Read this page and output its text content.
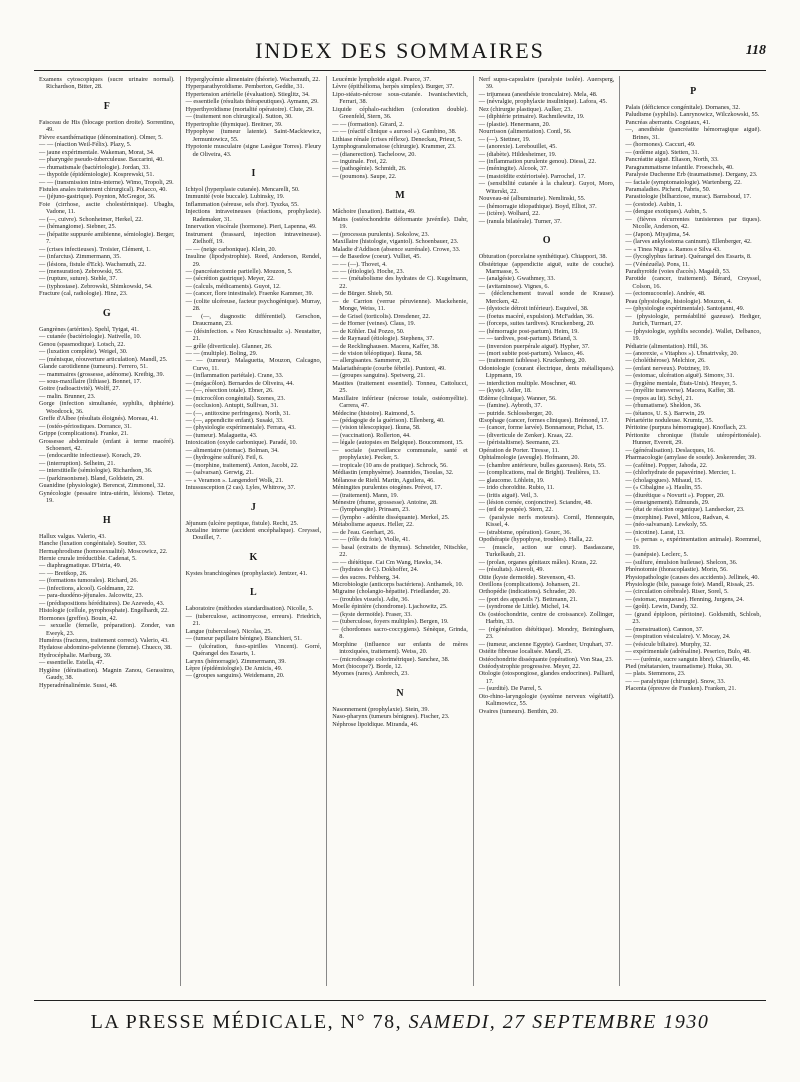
INDEX DES SOMMAIRES	118
Examens cytoscopiques (sucre urinaire normal). Richardson, Bitter, 28.
F
Faisceau de His (blocage portion droite). Sorrentino, 49.
Fièvre exanthématique (dénomination). Olmer, 5.
— — (réaction Weil-Félix). Plazy, 5.
— jaune expérimentale. Wakeman, Morat, 34.
— pharyngée pseudo-tuberculeuse. Baccarini, 40.
— rhumatismale (bactériologie). Jordan, 33.
— thypoïde (épidémiologie). Kosprewski, 51.
— — (transmission intra-interne). Wimo, Tropoli, 29.
Fistules anales traitement chirurgical). Polacco, 40.
— (jéjuno-gastrique). Poynton, McGregor, 36.
Foie (cirrhose, ascite cholestérinique). Ubaghs, Vadone, 11.
— (—, cuivre). Schonheimer, Herkel, 22.
— (hémangiome). Siebner, 25.
— (hépatite suppurée amibienne, sémiologie). Berger, 7.
— (crises infectieuses). Troisier, Clément, 1.
— (infarctus). Zimmermann, 35.
— (lésions, fistule d'Eck). Wachsmuth, 22.
— (mensuration). Zebrowski, 55.
— (rupture, suture). Stehle, 37.
— (typhostase). Zebrowski, Shimkowski, 54.
Fracture (cal, radiologie). Hinz, 23.
G
Gangrènes (artérites). Spehl, Tytgat, 41.
— cutanée (bactériologie). Nativelle, 10.
Genou (spasmodique). Lotsch, 22.
— (luxation complète). Weigel, 30.
— (ménisque, réouverture articulation). Mandl, 25.
Glande carotidienne (tumeurs). Ferrero, 51.
— mammaires (grossesse, adénome). Kreibig, 39.
— sous-maxillaire (lithiase). Bonnet, 17.
Goitre (radioactivité). Wolff, 27.
— malin. Brunner, 23.
Gorge (infection simultanée, syphilis, diphtérie). Woodcock, 36.
Greffe d'Albee (résultats éloignés). Moreau, 41.
— (ostéo-périostiques. Dorrance, 31.
Grippe (complications). Franke, 21.
Grossesse abdominale (enfant à terme macéré). Schoenert, 42.
— (endocardite infectieuse). Korach, 29.
— (interruption). Selheim, 21.
— interstitielle (sémiologie). Richardson, 36.
— (parkinsonisme). Bland, Goldstein, 29.
Guanidine (physiologie). Berencst, Zimmonel, 32.
Gynécologie (pessaire intra-utérin, lésions). Tietze, 19.
H
Hallux valgus. Valerio, 43.
Hanche (luxation congénitale). Soutter, 33.
Hermaphrodisme (homosexualité). Moscowicz, 22.
Hernie crurale irréductible. Cadenat, 5.
— diaphragmatique. D'Istria, 49.
— — Breitkop, 26.
— (formations tumorales). Richard, 26.
— (infections, alcool). Goldmann, 22.
— para-duodéno-jéjunales. Jalcowitz, 23.
— (prédispositions héréditaires). De Azevedo, 43.
Histologie (cellule, pyrophosphate). Engelhardt, 22.
Hormones (greffes). Bouin, 42.
— sexuelle (femelle, préparation). Zonder, van Eweyk, 23.
Humérus (fractures, traitement correct). Valerio, 43.
Hydatose abdomino-pelvienne (femme). Chueco, 38.
Hydrocéphalie. Marburg, 39.
— essentielle. Estella, 47.
Hygiène (dératisation). Magnin Zanou, Gerassimo, Gaudy, 38.
Hyperadrénalinémie. Sussi, 48.
Hyperglycémie alimentaire (théorie). Wachsmuth, 22.
Hyperparathyroïdisme. Pemberton, Geddie, 31.
Hypertension artérielle (évaluation). Stieglitz, 34.
— essentielle (résultats thérapeutiques). Aymann, 29.
Hyperthyroïdisme (mortalité opératoire). Clute, 29.
— (traitement non chirurgical). Sutton, 30.
Hypertrophie (thymique). Breitner, 39.
Hypophyse (tumeur latente). Saint-Mackiewicz, Jermuntowicz, 55.
Hypotonie musculaire (signe Lasègue Torres). Fleury de Oliveira, 43.
I
Ichtyol (hyperplasie cutanée). Mencarelli, 50.
Immunité (voie buccale). Lubinsky, 19.
Inflammation (séreuse, sels d'or). Tyszka, 55.
Injections intraveineuses (réactions, prophylaxie). Rademaker, 31.
Innervation viscérale (hormone). Pieri, Lapenna, 49.
Instrument (brassard, injection intraveineuse). Zielhoff, 19.
— — (neige carbonique). Klein, 20.
Insuline (lipodystrophie). Reed, Anderson, Rendel, 29.
— (pancréatectomie partielle). Mouzon, 5.
— (sécrétion gastrique). Meyer, 22.
— (calculs, médicaments). Guyot, 12.
— (cancer, flore intestinale). Fraenke Kammer, 39.
— (colite ulcéreuse, facteur psychogénique). Murray, 28.
— (—, diagnostic différentiel). Gerschon, Draucmann, 23.
— (désinfection. « Neo Kruschinsaltz »). Neustatter, 21.
— grêle (diverticule). Glanner, 26.
— — (multiple). Boling, 29.
— — (tumeur). Malaguetta, Mouzon, Calcagno, Curvo, 11.
— (inflammation pariétale). Crane, 33.
— (mégacôlon). Bernardes de Oliveira, 44.
— (—, résection totale). Ebner, 26.
— (microcôlon congénital). Szenes, 23.
— (occlusion). Antupit, Sullivan, 31.
— (—, antitoxine perfringens). North, 31.
— (—, appendicite enfant). Susaki, 33.
— (physiologie expérimentale). Ferrara, 43.
— (tumeur). Malaguetta, 43.
Intoxication (oxyde carbonique). Paradé, 10.
— alimentaire (stomac). Bolman, 34.
— (hydrogène sulfuré). Feil, 6.
— (morphine, traitement). Anton, Jacobi, 22.
— (salvarsan). Gerwig, 21.
— « Veramon ». Langendorf Wolk, 21.
Intussusception (2 cas). Lyles, Whitrow, 37.
J
Jéjunum (ulcère peptique, fistule). Recht, 25.
Juxtaline interne (accident encéphalique). Creyssel, Douillet, 7.
K
Kystes branchiogènes (prophylaxie). Jentzer, 41.
L
Laboratoire (méthodes standardisation). Nicolle, 5.
— (tuberculose, actinomycose, erreurs). Friedrich, 21.
Langue (tuberculose). Nicolas, 25.
— (tumeur papillaire bénigne). Bianchieri, 51.
— (ulcération, fuso-spirilles Vincent). Gorré, Quérangel des Essarts, 1.
Larynx (hémorragie). Zimmermann, 39.
Lèpre (épidémiologie). De Amicis, 49.
— (groupes sanguins). Weidemann, 20.
Leucémie lymphoïde aiguë. Pearce, 37.
Lèvre (épithélioma, herpès simplex). Burger, 37.
Lipo-stéato-nécrose sous-cutanée. Iwanischevitch, Ferrari, 38.
Liquide céphalo-rachidien (coloration double). Greenfeld, Stern, 36.
— — (formation). Girard, 2.
— — (réactif clinique « aurosol »). Gambino, 38.
Lithiase rénale (crises réflexe). Deneckau, Prieur, 5.
Lymphogranulomatose (chirurgie). Krammer, 23.
— (dianerection). Tacheloow, 20.
— inguinale. Frei, 22.
— (pathogénie). Schmidt, 26.
— (poumons). Saupe, 22.
M
Mâchoire (luxation). Battista, 49.
Mains (ostéochondrite déformante juvénile). Dahr, 19.
— (processus purulents). Sokolow, 23.
Maxillaire (histologie, vigantol). Schoenbauer, 23.
Maladie d'Addison (absence surrénale). Crowe, 33.
— de Basedow (coeur). Vulliet, 45.
— — (—). Thovet, 4.
— — (étiologie). Hoche, 23.
— — (métabolisme des hydrates de C). Kugelmann, 22.
— de Bürger. Shieb, 50.
— de Carrion (verrue péruvienne). Mackehenie, Monge, Weiss, 11.
— de Grisel (torticolis). Dresdener, 22.
— de Horner (veines). Claus, 19.
— de Köhler. Dal Pozzo, 50.
— de Raynaud (étiologie). Stephens, 37.
— de Recklinghausen. Macera, Kaffer, 38.
— de vision téléoptique). Ikuna, 58.
— allergisantes. Sammerer, 20.
Malariathérapie (courbe fébrile). Puntoni, 49.
— (groupes sanguins). Speiwerg, 21.
Mastites (traitement essentiel). Tonneu, Cattolucci, 25.
Maxillaire inférieur (nécrose totale, ostéomyélite). Carrera, 47.
Médecine (histoire). Raimond, 5.
— (pédagogie de la guérison). Ellenberg, 40.
— (vision télescopique). Ikuna, 58.
— (vaccination). Rollerton, 44.
— légale (autopsies en Belgique). Boucommont, 15.
— sociale (surveillance communale, santé et prophylaxie). Pecker, 5.
— tropicale (10 ans de pratique). Schrock, 56.
Médiastin (emphysème). Joannides, Tsoulas, 32.
Mélanose de Riehl. Martin, Aguilera, 46.
Méningites purulentes otogènes. Prévot, 17.
— (traitement). Mann, 19.
Ménestre (rhume, grossesse). Antoine, 28.
— (lymphangite). Prinsam, 23.
— (lympho - adénite disséquante). Merkel, 25.
Métabolisme aqueux. Heller, 22.
— de l'eau. Geerhart, 26.
— — (rôle du foie). Violle, 41.
— basal (extraits de thymus). Schneider, Nitschke, 22.
— — diététique. Cai Cm Wang, Hawks, 34.
— (hydrates de C). Dokhoffer, 24.
— des sucres. Fehberg, 34.
Microbiologie (anticorps bactériens). Anthamek, 10.
Migraine (cholangio-hépatite). Friedlander, 20.
— (troubles visuels). Adie, 36.
Moelle épinière (chondrome). Ljachowitz, 25.
— (kyste dermoïde). Fraser, 33.
— (tuberculose, foyers multiples). Bergen, 19.
— (chordomes sacro-coccygiens). Sénèque, Grinda, 8.
Morphine (influence sur enfants de mères intoxiquées, traitement). Weiss, 20.
— (microdosage colorimétrique). Sanchez, 38.
Mort (biocope?). Borde, 12.
Myomes (rares). Ambrech, 23.
N
Nasonnement (prophylaxie). Stein, 39.
Naso-pharynx (tumeurs bénignes). Fischer, 23.
Néphrose lipoïdique. Miranda, 46.
Nerf supra-capsulaire (paralysie isolée). Auersperg, 39.
— trijumeau (anesthésie tronculaire). Mela, 48.
— (névralgie, prophylaxie insulinique). Lafora, 45.
Nez (chirurgie plastique). Aulker, 23.
— (diphtérie primaire). Rachmilewitz, 19.
— (plastie). Henermann, 20.
Nourrisson (alimentation). Contl, 56.
— (—). Stettner, 19.
— (anorexie). Lerebouillet, 45.
— (diabète). Hildesheimer, 19.
— (inflammation purulente genou). Diessl, 22.
— (méningite). Alcook, 37.
— (mastoïdite extériorisée). Parrochel, 17.
— (sensibilité cutanée à la chaleur). Guyot, Moro, Witerskt, 22.
Nouveau-né (albuminurie). Nemlinski, 55.
— (hémorragie idiopathique). Boyd, Elliot, 37.
— (ictère). Wolhard, 22.
— (ranula bilatérale). Turner, 37.
O
Obturation (porcelaine synthétique). Chiappori, 38.
Obstétrique (appendicite aiguë, suite de couche). Marmasse, 5.
— (analgésie). Gwathmey, 33.
— (avitaminose). Vignes, 6.
— (déclenchement travail sonde de Krause). Mercken, 42.
— (dystocie détroit inférieur). Esquivel, 38.
— (foetus macéré, expulsion). McFaddan, 36.
— (forceps, suites tardives). Kruckenberg, 20.
— (hémorragie post-partum). Heim, 19.
— — tardives, post-partum). Briand, 3.
— (inversion puerpérale aiguë). Hypher, 37.
— (mort subite post-partum). Velasco, 46.
— (traitement faiblesse). Kruckenberg, 20.
Odontologie (courant électrique, dents métalliques). Lippmann, 19.
— interdiction multiple. Moschner, 40.
— (kyste). Adler, 18.
Œdème (clinique). Wanner, 56.
— (famine). Aybroth, 37.
— putride. Schlossberger, 20.
Œsophage (cancer, formes cliniques). Brémond, 17.
— (cancer, forme larvée). Bonnamour, Pichat, 15.
— (diverticule de Zenker). Kraas, 22.
— (péristaltisme). Seemann, 23.
Opération de Porter. Tiresse, 11.
Ophtalmologie (aveugle). Hofmann, 20.
— (chambre antérieure, bulles gazeuses). Reis, 55.
— (complications, mal de Bright). Teulières, 13.
— glaucome. Löhlein, 19.
— irido choroïdite. Rubio, 11.
— (iritis aiguë). Veil, 3.
— (lésion cornée, conjonctive). Sciandre, 48.
— (œil de poupée). Stern, 22.
— (paralysie nerfs moteurs). Cornil, Hennequin, Kissel, 4.
— (strabisme, opération). Gourc, 36.
Opothérapie (hypophyse, troubles). Halla, 22.
— (muscle, action sur cœur). Basdaszane, Turkelkaub, 21.
— (prolan, organes génitaux mâles). Kraus, 22.
— (résultats). Aievoli, 49.
Otite (kyste dermoïde). Stevenson, 43.
Oreillons (complications). Johansen, 21.
Orthopédie (indications). Schrader, 20.
— (port des appareils ?). Bettmann, 21.
— (syndrome de Little). Michel, 14.
Os (ostéochondrite, centre de croissance). Zollinger, Harbin, 33.
— (régénération diététique). Mondry, Beiningham, 23.
— (tumeur, ancienne Egypte). Gardner, Urquhart, 37.
Ostéite fibreuse localisée. Mandl, 25.
Ostéochondrite disséquante (opération). Von Staa, 23.
Ostéodystrophie progressive. Meyer, 22.
Otologie (otospongiose, glandes endocrines). Palliard, 17.
— (surdité). De Parrel, 5.
Oto-rhino-laryngologie (système nerveux végétatif). Kalimowicz, 55.
Ovaires (tumeurs). Benthin, 20.
P
Palais (déficience congénitale). Dornanes, 32.
Paludisme (syphilis). Lanrynowicz, Wilczkowski, 55.
Pancréas aberrants. Cogniaux, 41.
—, anesthésie (pancréatite hémorragique aiguë). Brines, 31.
— (hormones). Caccuri, 49.
— (œdème aigu). Stetten, 31.
Pancréatite aiguë. Eliason, North, 33.
Paragrammatisme infantile. Froeschels, 40.
Paralysie Duchenne Erb (traumatisme). Dergany, 23.
— faciale (symptomatologie). Wartenberg, 22.
Paramaladies. Picheni, Fabris, 50.
Parasitologie (bilharziose, murac). Barnsboud, 17.
— (cestode). Aubin, 1.
— (dengue exotiques). Aubin, 5.
— (fièvres récurrentes tunisiennes par tiques). Nicolle, Anderson, 42.
— (Japon). Miyajima, 54.
— (larves ankylostoma caninum). Ellenberger, 42.
— « Tinea Nigra ». Ramos e Silva 43.
— (lycoglyphus farinæ). Quérangel des Essarts, 8.
— (Vénézuéla). Pons, 11.
Parathyroïde (voies d'accès). Magaldi, 53.
Parotide (cancer, traitement). Bérard, Creyssel, Colson, 16.
— (ectomucocœle). Andrée, 48.
Peau (physiologie, histologie). Mouzon, 4.
— (physiologie expérimentale). Santojanni, 49.
— (physiologie, perméabilité gazeuse). Hediger, Jurich, Turrnari, 27.
— (physiologie, syphilis seconde). Wallet, Delbanco, 19.
Pédiatrie (alimentation). Hill, 36.
— (anorexie, « Vitaphos »). Ubnatrivsky, 20.
— (choléthérose). Melchior, 26.
— (enfant nerveux). Potztney, 19.
— (estomac, ulcération aiguë). Simonv, 31.
— (hygiène mentale, États-Unis). Heuyer, 5.
— (myélite transverse). Macera, Kaffer, 38.
— (repos au lit). Schyl, 21.
— (rhumatisme). Sheldon, 36.
— (tétanos, U. S.). Barrwin, 29.
Périartérite noduleuse. Krumtz, 35.
Péritoine (purpura hémorragique). Knoflach, 23.
Péritonite chronique (fistule utéropéritonéale). Hunner, Everett, 29.
— (généralisation). Deslacques, 16.
Pharmacologie (amylase de soude). Jeskerender, 39.
— (caféine). Popper, Jahoda, 22.
— (chlorhydrate de papavérine). Mercier, 1.
— (cholagogues). Mihaud, 15.
— (« Cibalgine »). Haulin, 55.
— (diurétique « Novurit »). Popper, 20.
— (enseignement). Edmunds, 29.
— (état de réaction organique). Landsecker, 23.
— (morphine). Pavel, Milcou, Radvan, 4.
— (néo-salvarsan). Lewkoly, 55.
— (nicotine). Larat, 13.
— (« pernas », expérimentation animale). Roemmel, 19.
— (sanépsie). Leclerc, 5.
— (sulfure, émulsion huileuse). Shelcon, 36.
Phrénotomie (thoracoplastie). Morin, 56.
Physiopathologie (causes des accidents). Jellinek, 40.
Physiologie (bile, passage foie). Mandl, Rissak, 25.
— (circulation cérébrale). Riser, Sorel, 5.
— (estomac, muqueuse). Henning, Jurgens, 24.
— (goût). Lewin, Dandy, 32.
— (grand épiploon, péritoine). Goldsmith, Schlosb, 23.
— (menstruation). Cannon, 37.
— (respiration vésiculaire). V. Mocay, 24.
— (vésicule biliaire). Murphy, 32.
— expérimentale (adrénaline). Peserico, Bulo, 48.
— — (urémie, sucre sanguin libre). Chiarello, 48.
Pied (métatarsien, traumatisme). Huka, 30.
— plats. Stemmons, 23.
— — paralytique (chirurgie). Snow, 33.
Placenta (épreuve de Franken). Franken, 21.
LA PRESSE MÉDICALE, N° 78, SAMEDI, 27 SEPTEMBRE 1930
